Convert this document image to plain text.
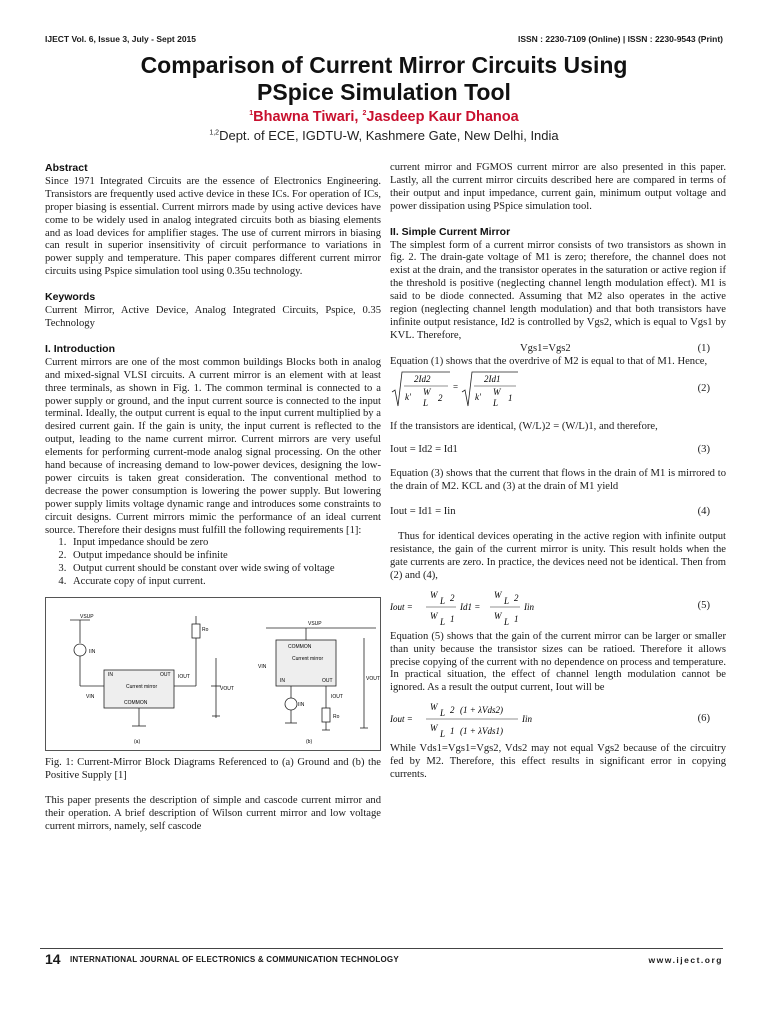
IJECT Vol. 6, Issue 3, July - Sept 2015	ISSN : 2230-7109 (Online) | ISSN : 2230-9543 (Print)
Comparison of Current Mirror Circuits Using
PSpice Simulation Tool
$^1$Bhawna Tiwari, $^2$Jasdeep Kaur Dhanoa
$^{1,2}$Dept. of ECE, IGDTU-W, Kashmere Gate, New Delhi, India
Abstract

Since 1971 Integrated Circuits are the essence of Electronics Engineering. Transistors are frequently used active device in these ICs. For operation of ICs, proper biasing is essential. Current mirrors made by using active devices have come to be widely used in analog integrated circuits both as biasing elements and as load devices for amplifier stages. The use of current mirrors in biasing can result in superior insensitivity of circuit performance to variations in power supply and temperature. This paper compares different current mirror circuits using Pspice simulation tool using 0.35u technology.

Keywords

Current Mirror, Active Device, Analog Integrated Circuits, Pspice, 0.35 Technology

I. Introduction

Current mirrors are one of the most common buildings Blocks both in analog and mixed-signal VLSI circuits. A current mirror is an element with at least three terminals, as shown in Fig. 1. The common terminal is connected to a power supply or ground, and the input current source is connected to the input terminal. Ideally, the output current is equal to the input current multiplied by a desired current gain. If the gain is unity, the input current is reflected to the output, leading to the name current mirror. Current mirrors are very useful elements for performing current-mode analog signal processing. On the other hand because of increasing demand to low-power devices, designing the low-power circuits is taken great consideration. The conventional method to decrease the power consumption is lowering the power supply. But lowering power supply limits voltage dynamic range and introduces some constraints to circuit designs. Current mirrors mimic the performance of an ideal current source. Therefore their designs must fulfill the following requirements [1]:

1. Input impedance should be zero
2. Output impedance should be infinite
3. Output current should be constant over wide swing of voltage
4. Accurate copy of input current.
VSUP
IIN
IOUT
Ro
Current mirror
IN	OUT
COMMON
VIN
VOUT
(a)
VSUP
COMMON
Current mirror
IN	OUT
VIN
VOUT
IOUT
IIN
Ro
(b)

Fig. 1: Current-Mirror Block Diagrams Referenced to (a) Ground and (b) the Positive Supply [1]

This paper presents the description of simple and cascode current mirror and their operation. A brief description of Wilson current mirror and low voltage current mirrors, namely, self cascode

current mirror and FGMOS current mirror are also presented in this paper. Lastly, all the current mirror circuits described here are compared in terms of their output and input impedance, current gain, minimum output voltage and power dissipation using PSpice simulation tool.

II. Simple Current Mirror

The simplest form of a current mirror consists of two transistors as shown in fig. 2. The drain-gate voltage of M1 is zero; therefore, the channel does not exist at the drain, and the transistor operates in the saturation or active region if the threshold is positive (neglecting channel length modulation effect). M1 is said to be diode connected. Assuming that M2 also operates in the active region (neglecting channel length modulation) and that both transistors have infinite output resistance, Id2 is controlled by Vgs2, which is equal to Vgs1 by KVL. Therefore,

Vgs1=Vgs2	(1)

Equation (1) shows that the overdrive of M2 is equal to that of M1. Hence,

2Id2
k' W
L 2
=
2Id1
k' W
L 1
(2)

If the transistors are identical, (W/L)2 = (W/L)1, and therefore,

Iout = Id2 = Id1	(3)

Equation (3) shows that the current that flows in the drain of M1 is mirrored to the drain of M2. KCL and (3) at the drain of M1 yield

Iout = Id1 = Iin	(4)

Thus for identical devices operating in the active region with infinite output resistance, the gain of the current mirror is unity. This result holds when the gate currents are zero. In practice, the devices need not be identical. Then from (2) and (4),

Iout =
W
L 2
W
L 1
Id1 =
W
L 2
W
L 1
Iin	(5)

Equation (5) shows that the gain of the current mirror can be larger or smaller than unity because the transistor sizes can be ratioed. Therefore it allows precise copying of the current with no dependence on process and temperature. In practical situation, the effect of channel length modulation cannot be ignored. As a result the output current, Iout will be

Iout =
W
L 2 (1 + λVds2)
W
L 1 (1 + λVds1)
Iin	(6)

While Vds1=Vgs1=Vgs2, Vds2 may not equal Vgs2 because of the circuitry fed by M2. Therefore, this effect results in significant error in copying currents.

14 INTERNATIONAL JOURNAL OF ELECTRONICS & COMMUNICATION TECHNOLOGY	www.iject.org
